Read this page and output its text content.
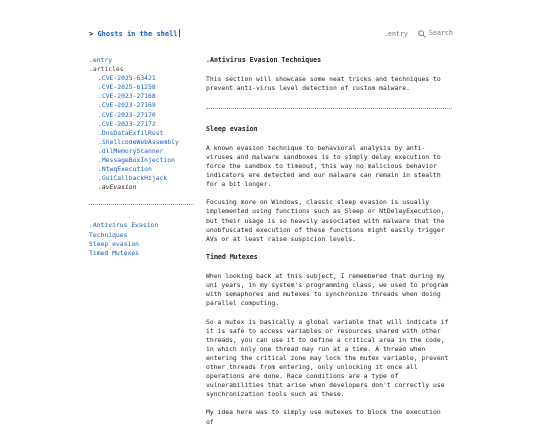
> Ghosts in the shell	.entry	Search
.entry
.articles
.CVE-2025-63421
.CVE-2025-61258
.CVE-2023-27168
.CVE-2023-27169
.CVE-2023-27170
.CVE-2023-27172
.DnsDataExfilRust
.ShellcodeWebAssembly
.dllMemoryScanner
.MessageBoxInjection
.NtwqExecution
.GuiCallbackHijack
.avEvasion
.Antivirus Evasion
Techniques
Sleep evasion
Timed Mutexes
.Antivirus Evasion Techniques

This section will showcase some neat tricks and techniques to prevent anti-virus level detection of custom malware.

Sleep evasion

A known evasion technique to behavioral analysis by anti-viruses and malware sandboxes is to simply delay execution to force the sandbox to timeout, this way no malicious behavior indicators are detected and our malware can remain in stealth for a bit longer.

Focusing more on Windows, classic sleep evasion is usually implemented using functions such as Sleep or NtDelayExecution, but their usage is so heavily associated with malware that the unobfuscated execution of these functions might easily trigger AVs or at least raise suspicion levels.

Timed Mutexes

When looking back at this subject, I remembered that during my uni years, in my system's programming class, we used to program with semaphores and mutexes to synchronize threads when doing parallel computing.

So a mutex is basically a global variable that will indicate if it is safe to access variables or resources shared with other threads, you can use it to define a critical area in the code, in which only one thread may run at a time. A thread when entering the critical zone may lock the mutex variable, prevent other threads from entering, only unlocking it once all operations are done. Race conditions are a type of vulnerabilities that arise when developers don't correctly use synchronization tools such as these.

My idea here was to simply use mutexes to block the execution of
